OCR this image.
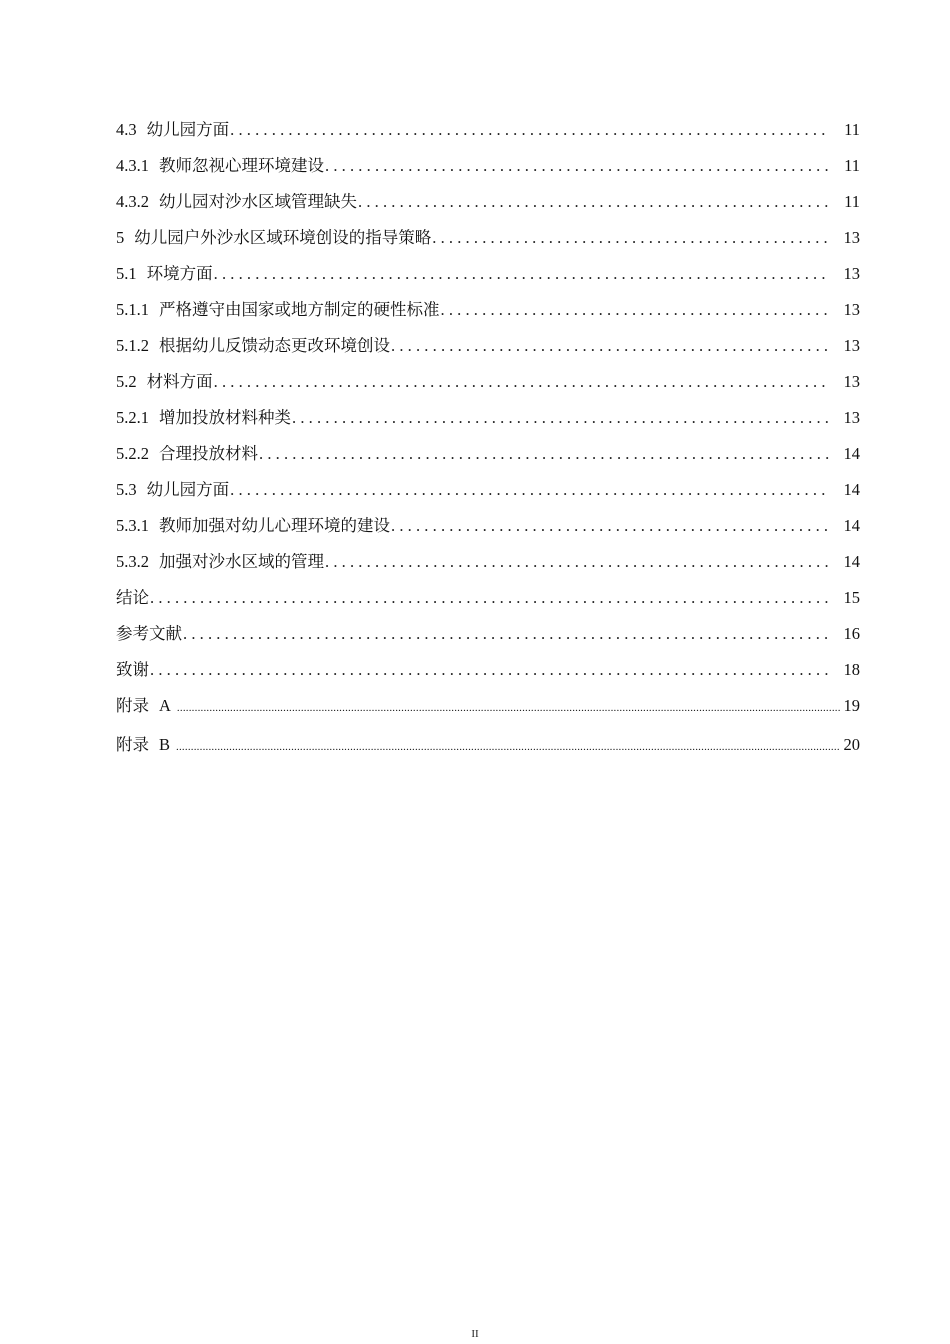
4.3 幼儿园方面 .....	11
4.3.1 教师忽视心理环境建设 .....	11
4.3.2 幼儿园对沙水区域管理缺失 .....	11
5 幼儿园户外沙水区域环境创设的指导策略 .....	13
5.1 环境方面 .....	13
5.1.1 严格遵守由国家或地方制定的硬性标准 .....	13
5.1.2 根据幼儿反馈动态更改环境创设 .....	13
5.2 材料方面 .....	13
5.2.1 增加投放材料种类 .....	13
5.2.2 合理投放材料 .....	14
5.3 幼儿园方面 .....	14
5.3.1 教师加强对幼儿心理环境的建设 .....	14
5.3.2 加强对沙水区域的管理 .....	14
结论 .....	15
参考文献 .....	16
致谢 .....	18
附录 A .....	19
附录 B .....	20
II
